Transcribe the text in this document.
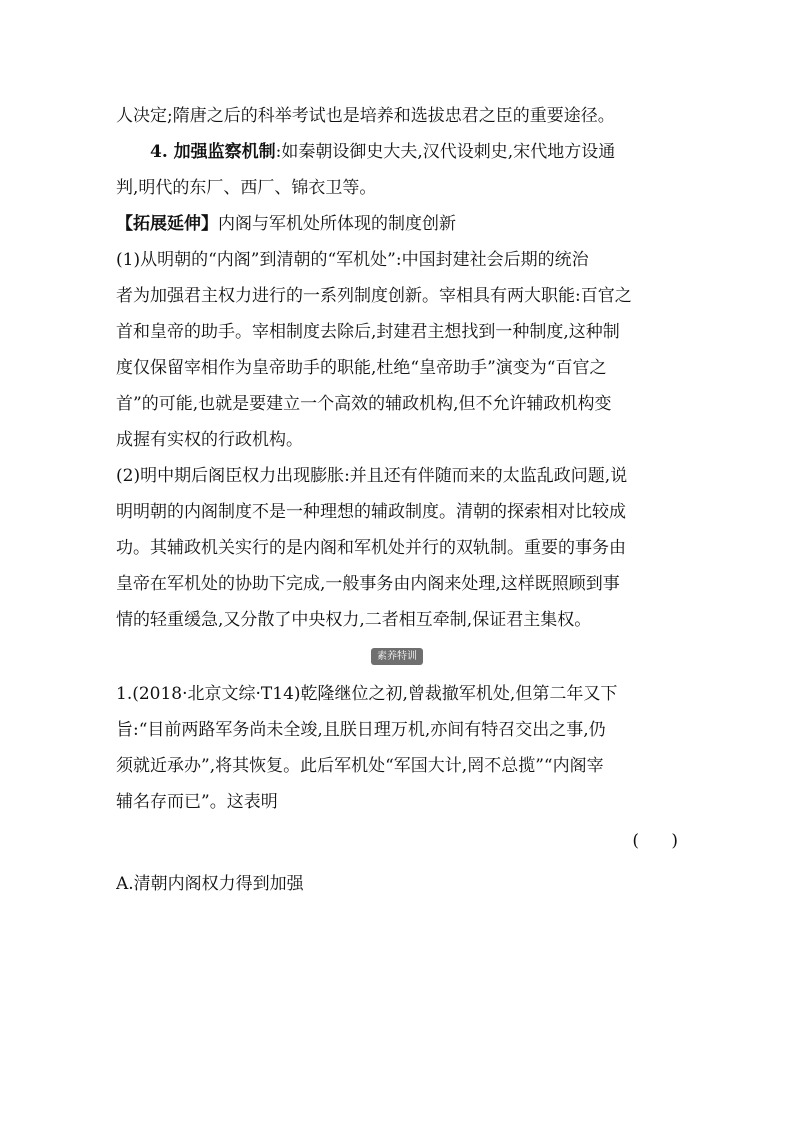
人决定;隋唐之后的科举考试也是培养和选拔忠君之臣的重要途径。
4. 加强监察机制:如秦朝设御史大夫,汉代设刺史,宋代地方设通
判,明代的东厂、西厂、锦衣卫等。
【拓展延伸】内阁与军机处所体现的制度创新
(1)从明朝的“内阁”到清朝的“军机处”:中国封建社会后期的统治
者为加强君主权力进行的一系列制度创新。宰相具有两大职能:百官之
首和皇帝的助手。宰相制度去除后,封建君主想找到一种制度,这种制
度仅保留宰相作为皇帝助手的职能,杜绝“皇帝助手”演变为“百官之
首”的可能,也就是要建立一个高效的辅政机构,但不允许辅政机构变
成握有实权的行政机构。
(2)明中期后阁臣权力出现膨胀:并且还有伴随而来的太监乱政问题,说
明明朝的内阁制度不是一种理想的辅政制度。清朝的探索相对比较成
功。其辅政机关实行的是内阁和军机处并行的双轨制。重要的事务由
皇帝在军机处的协助下完成,一般事务由内阁来处理,这样既照顾到事
情的轻重缓急,又分散了中央权力,二者相互牵制,保证君主集权。
素养特训
1.(2018·北京文综·T14)乾隆继位之初,曾裁撤军机处,但第二年又下
旨:“目前两路军务尚未全竣,且朕日理万机,亦间有特召交出之事,仍
须就近承办”,将其恢复。此后军机处“军国大计,罔不总揽”“内阁宰
辅名存而已”。这表明
(      )
A.清朝内阁权力得到加强
